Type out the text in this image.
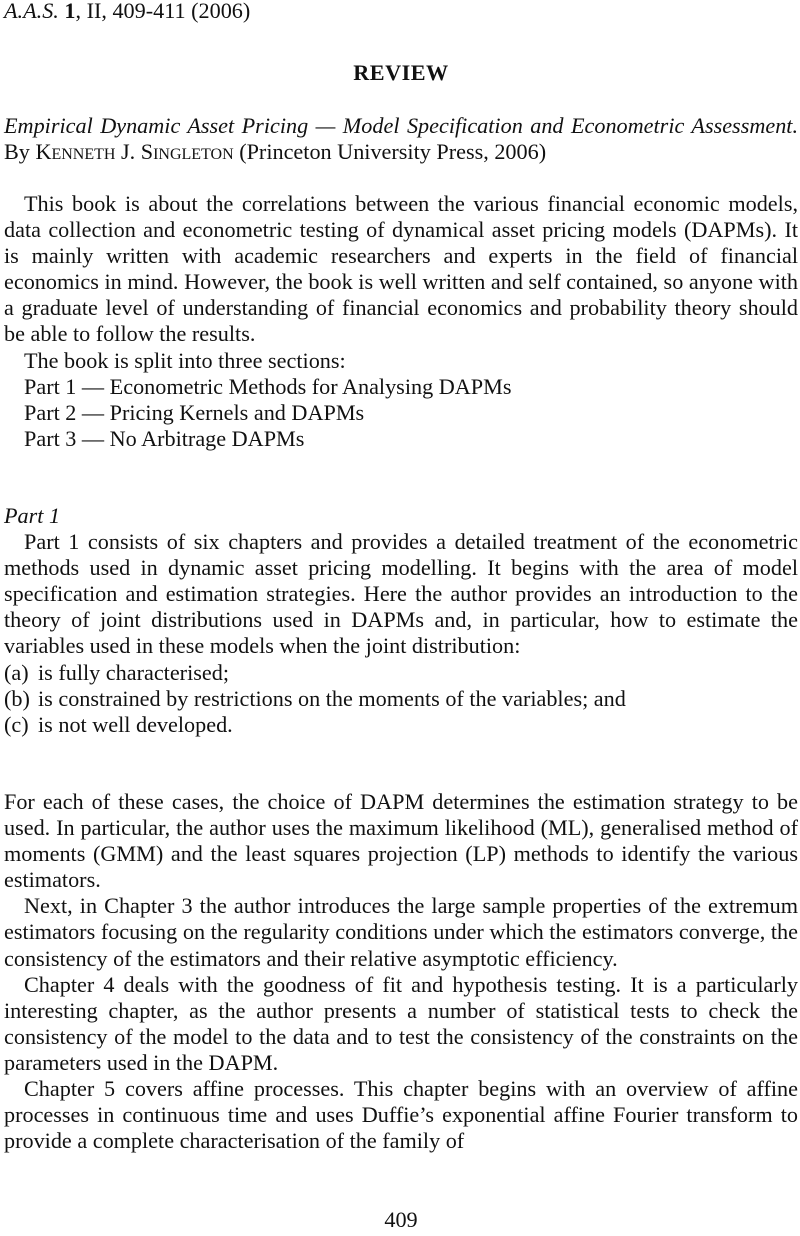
A.A.S. 1, II, 409-411 (2006)
REVIEW
Empirical Dynamic Asset Pricing — Model Specification and Econometric Assessment. By Kenneth J. Singleton (Princeton University Press, 2006)

This book is about the correlations between the various financial economic models, data collection and econometric testing of dynamical asset pricing models (DAPMs). It is mainly written with academic researchers and experts in the field of financial economics in mind. However, the book is well written and self contained, so anyone with a graduate level of understanding of financial economics and probability theory should be able to follow the results.

The book is split into three sections:

Part 1 — Econometric Methods for Analysing DAPMs

Part 2 — Pricing Kernels and DAPMs

Part 3 — No Arbitrage DAPMs

Part 1

Part 1 consists of six chapters and provides a detailed treatment of the econometric methods used in dynamic asset pricing modelling. It begins with the area of model specification and estimation strategies. Here the author provides an introduction to the theory of joint distributions used in DAPMs and, in particular, how to estimate the variables used in these models when the joint distribution:

(a) is fully characterised;
(b) is constrained by restrictions on the moments of the variables; and
(c) is not well developed.

For each of these cases, the choice of DAPM determines the estimation strategy to be used. In particular, the author uses the maximum likelihood (ML), generalised method of moments (GMM) and the least squares projection (LP) methods to identify the various estimators.

Next, in Chapter 3 the author introduces the large sample properties of the extremum estimators focusing on the regularity conditions under which the estimators converge, the consistency of the estimators and their relative asymptotic efficiency.

Chapter 4 deals with the goodness of fit and hypothesis testing. It is a particularly interesting chapter, as the author presents a number of statistical tests to check the consistency of the model to the data and to test the consistency of the constraints on the parameters used in the DAPM.

Chapter 5 covers affine processes. This chapter begins with an overview of affine processes in continuous time and uses Duffie’s exponential affine Fourier transform to provide a complete characterisation of the family of

409
